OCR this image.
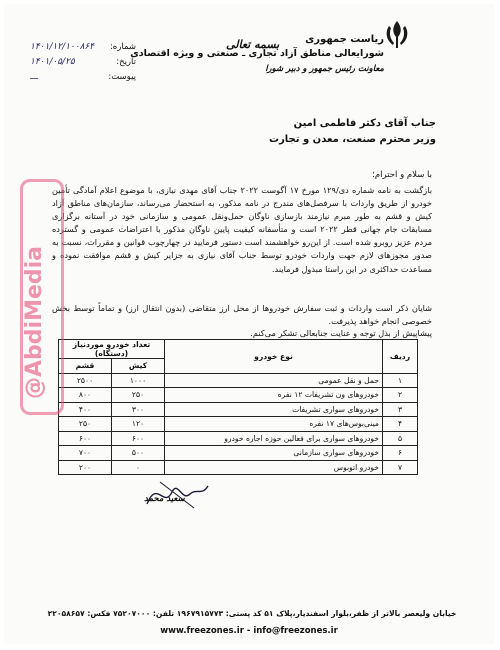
ریاست جمهوری
شورایعالی مناطق آزاد تجاری ـ صنعتی و ویژه اقتصادی
معاونت رئیس جمهور و دبیر شورا
بسمه تعالی
شماره:
۱۴۰۱/۱۲/۱۰۰۸۶۴
تاریخ:
۱۴۰۱/۰۵/۲۵
پیوست:
ـــ
جناب آقای دکتر فاطمی امین
وزیر محترم صنعت، معدن و تجارت
با سلام و احترام؛
بازگشت به نامه شماره دی/۱۲۹ مورخ ۱۷ آگوست ۲۰۲۲ جناب آقای مهدی نیازی، با موضوع اعلام آمادگی تأمین خودرو از طریق واردات با سرفصل‌های مندرج در نامه مذکور، به استحضار می‌رساند، سازمان‌های مناطق آزاد کیش و قشم به طور مبرم نیازمند بازسازی ناوگان حمل‌ونقل عمومی و سازمانی خود در آستانه برگزاری مسابقات جام جهانی قطر ۲۰۲۲ است و متأسفانه کیفیت پایین ناوگان مذکور با اعتراضات عمومی و گسترده مردم عزیز روبرو شده است. از این‌رو خواهشمند است دستور فرمایید در چهارچوب قوانین و مقررات، نسبت به صدور مجوزهای لازم جهت واردات خودرو توسط جناب آقای نیازی به جزایر کیش و قشم موافقت نموده و مساعدت حداکثری در این راستا مبذول فرمایند.
شایان ذکر است واردات و ثبت سفارش خودروها از محل ارز متقاضی (بدون انتقال ارز) و تماماً توسط بخش خصوصی انجام خواهد پذیرفت.
پیشاپیش از بذل توجه و عنایت جنابعالی تشکر می‌کنم.
ردیف	نوع خودرو	تعداد خودرو موردنیاز (دستگاه)	
		کیش	قشم
۱	حمل و نقل عمومی	۱۰۰۰	۲۵۰۰
۲	خودروهای ون تشریفات ۱۲ نفره	۲۵۰	۸۰۰
۳	خودروهای سواری تشریفات	۳۰۰	۴۰۰
۴	مینی‌بوس‌های ۱۷ نفره	۱۲۰	۲۵۰
۵	خودروهای سواری برای فعالین حوزه اجاره خودرو	۶۰۰	۶۰۰
۶	خودروهای سواری سازمانی	۵۰۰	۷۰۰
۷	خودرو اتوبوس	۰	۲۰۰
@AbdiMedia
سعید محمد
خیابان ولیعصر بالاتر از ظفر،بلوار اسفندیار،پلاک ۵۱ کد پستی: ۱۹۶۷۹۱۵۷۷۳ تلفن: ۷۵۲۰۷۰۰۰ فکس: ۲۲۰۵۸۶۵۷
www.freezones.ir - info@freezones.ir
